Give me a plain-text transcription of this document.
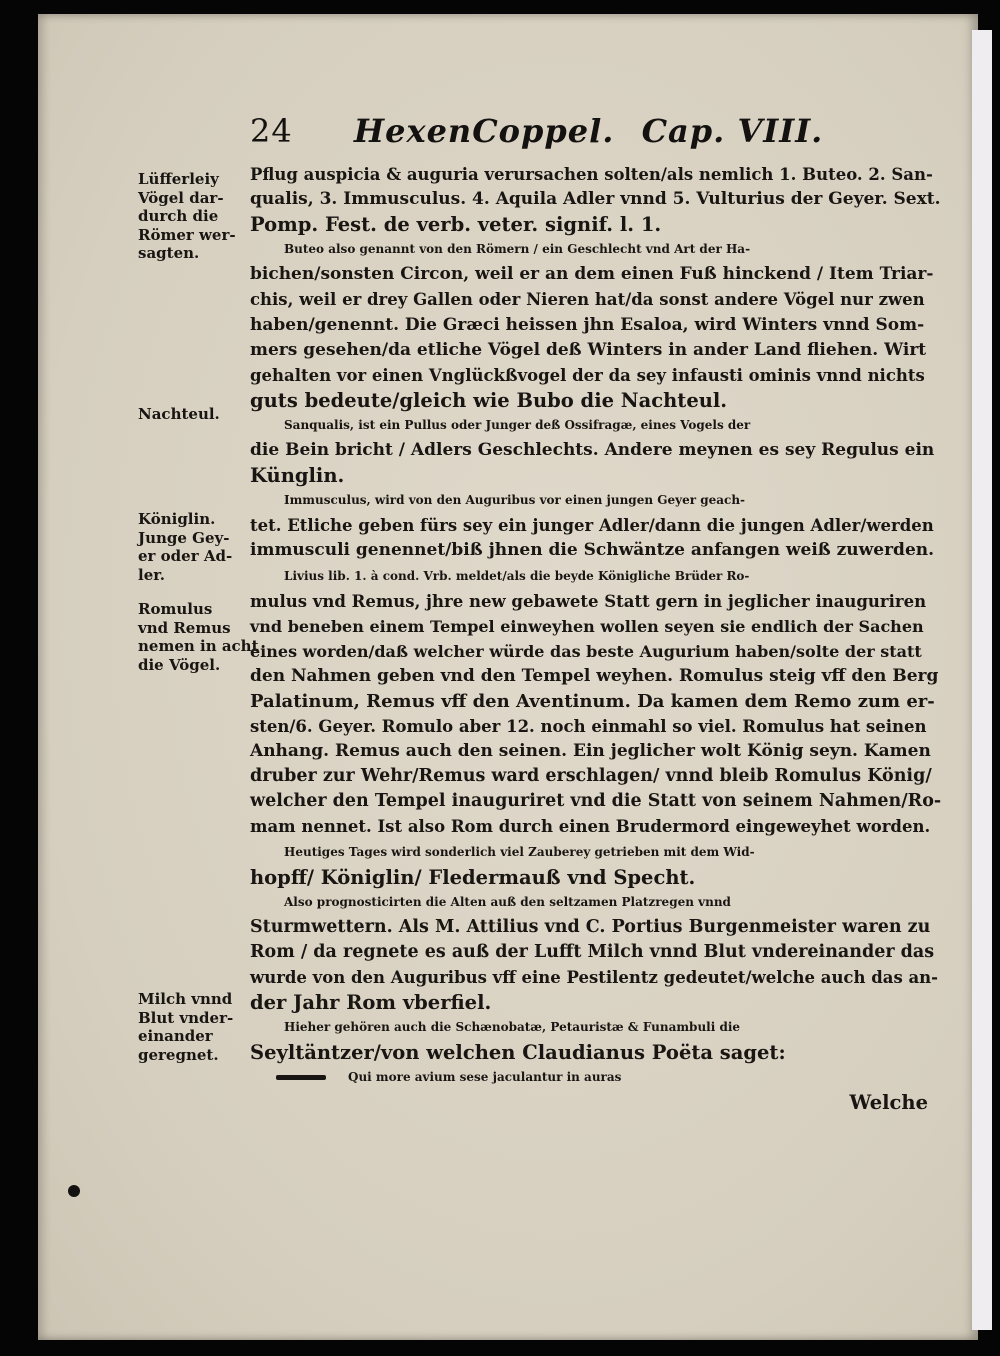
24 HexenCoppel. Cap. VIII.
Lüfferleiy
Vögel dar-
durch die
Römer wer-
sagten.
Nachteul.
Königlin.
Junge Gey-
er oder Ad-
ler.
Romulus
vnd Remus
nemen in acht
die Vögel.
Milch vnnd
Blut vnder-
einander
geregnet.
Pflug auspicia & auguria verursachen solten/als nemlich 1. Buteo. 2. San-
qualis, 3. Immusculus. 4. Aquila Adler vnnd 5. Vulturius der Geyer. Sext.
Pomp. Fest. de verb. veter. signif. l. 1.
Buteo also genannt von den Römern / ein Geschlecht vnd Art der Ha-
bichen/sonsten Circon, weil er an dem einen Fuß hinckend / Item Triar-
chis, weil er drey Gallen oder Nieren hat/da sonst andere Vögel nur zwen
haben/genennt. Die Græci heissen jhn Esaloa, wird Winters vnnd Som-
mers gesehen/da etliche Vögel deß Winters in ander Land fliehen. Wirt
gehalten vor einen Vnglückßvogel der da sey infausti ominis vnnd nichts
guts bedeute/gleich wie Bubo die Nachteul.
Sanqualis, ist ein Pullus oder Junger deß Ossifragæ, eines Vogels der
die Bein bricht / Adlers Geschlechts. Andere meynen es sey Regulus ein
Künglin.
Immusculus, wird von den Auguribus vor einen jungen Geyer geach-
tet. Etliche geben fürs sey ein junger Adler/dann die jungen Adler/werden
immusculi genennet/biß jhnen die Schwäntze anfangen weiß zuwerden.
Livius lib. 1. à cond. Vrb. meldet/als die beyde Königliche Brüder Ro-
mulus vnd Remus, jhre new gebawete Statt gern in jeglicher inauguriren
vnd beneben einem Tempel einweyhen wollen seyen sie endlich der Sachen
eines worden/daß welcher würde das beste Augurium haben/solte der statt
den Nahmen geben vnd den Tempel weyhen. Romulus steig vff den Berg
Palatinum, Remus vff den Aventinum. Da kamen dem Remo zum er-
sten/6. Geyer. Romulo aber 12. noch einmahl so viel. Romulus hat seinen
Anhang. Remus auch den seinen. Ein jeglicher wolt König seyn. Kamen
druber zur Wehr/Remus ward erschlagen/ vnnd bleib Romulus König/
welcher den Tempel inauguriret vnd die Statt von seinem Nahmen/Ro-
mam nennet. Ist also Rom durch einen Brudermord eingeweyhet worden.
Heutiges Tages wird sonderlich viel Zauberey getrieben mit dem Wid-
hopff/ Königlin/ Fledermauß vnd Specht.
Also prognosticirten die Alten auß den seltzamen Platzregen vnnd
Sturmwettern. Als M. Attilius vnd C. Portius Burgenmeister waren zu
Rom / da regnete es auß der Lufft Milch vnnd Blut vndereinander das
wurde von den Auguribus vff eine Pestilentz gedeutet/welche auch das an-
der Jahr Rom vberfiel.
Hieher gehören auch die Schænobatæ, Petauristæ & Funambuli die
Seyltäntzer/von welchen Claudianus Poëta saget:
Qui more avium sese jaculantur in auras
Welche
